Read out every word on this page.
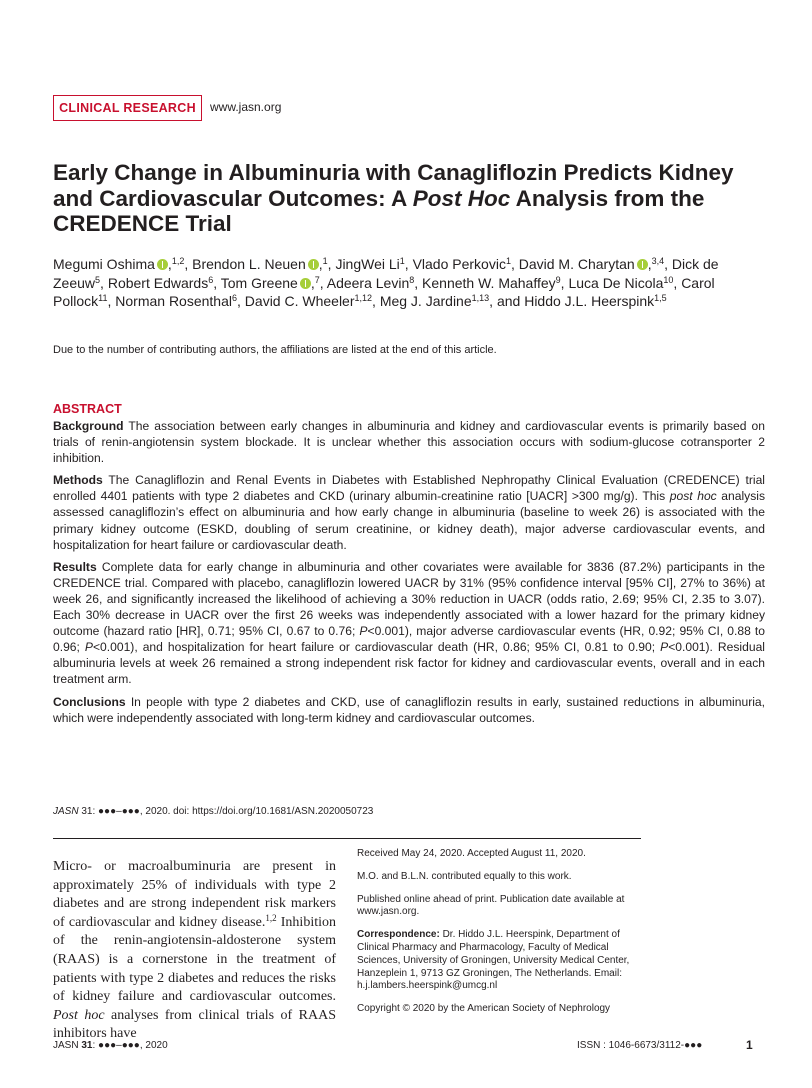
CLINICAL RESEARCH	www.jasn.org
Early Change in Albuminuria with Canagliflozin Predicts Kidney and Cardiovascular Outcomes: A Post Hoc Analysis from the CREDENCE Trial
Megumi Oshima ,$^{1,2}$, Brendon L. Neuen ,$^1$, JingWei Li$^1$, Vlado Perkovic$^1$, David M. Charytan ,$^{3,4}$, Dick de Zeeuw$^5$, Robert Edwards$^6$, Tom Greene ,$^7$, Adeera Levin$^8$, Kenneth W. Mahaffey$^9$, Luca De Nicola$^{10}$, Carol Pollock$^{11}$, Norman Rosenthal$^6$, David C. Wheeler$^{1,12}$, Meg J. Jardine$^{1,13}$, and Hiddo J.L. Heerspink$^{1,5}$
Due to the number of contributing authors, the affiliations are listed at the end of this article.
ABSTRACT

Background The association between early changes in albuminuria and kidney and cardiovascular events is primarily based on trials of renin-angiotensin system blockade. It is unclear whether this association occurs with sodium-glucose cotransporter 2 inhibition.

Methods The Canagliflozin and Renal Events in Diabetes with Established Nephropathy Clinical Evaluation (CREDENCE) trial enrolled 4401 patients with type 2 diabetes and CKD (urinary albumin-creatinine ratio [UACR] >300 mg/g). This post hoc analysis assessed canagliflozin’s effect on albuminuria and how early change in albuminuria (baseline to week 26) is associated with the primary kidney outcome (ESKD, doubling of serum creatinine, or kidney death), major adverse cardiovascular events, and hospitalization for heart failure or cardiovascular death.

Results Complete data for early change in albuminuria and other covariates were available for 3836 (87.2%) participants in the CREDENCE trial. Compared with placebo, canagliflozin lowered UACR by 31% (95% confidence interval [95% CI], 27% to 36%) at week 26, and significantly increased the likelihood of achieving a 30% reduction in UACR (odds ratio, 2.69; 95% CI, 2.35 to 3.07). Each 30% decrease in UACR over the first 26 weeks was independently associated with a lower hazard for the primary kidney outcome (hazard ratio [HR], 0.71; 95% CI, 0.67 to 0.76; P<0.001), major adverse cardiovascular events (HR, 0.92; 95% CI, 0.88 to 0.96; P<0.001), and hospitalization for heart failure or cardiovascular death (HR, 0.86; 95% CI, 0.81 to 0.90; P<0.001). Residual albuminuria levels at week 26 remained a strong independent risk factor for kidney and cardiovascular events, overall and in each treatment arm.

Conclusions In people with type 2 diabetes and CKD, use of canagliflozin results in early, sustained reductions in albuminuria, which were independently associated with long-term kidney and cardiovascular outcomes.

JASN 31: ●●●–●●●, 2020. doi: https://doi.org/10.1681/ASN.2020050723
Micro- or macroalbuminuria are present in approximately 25% of individuals with type 2 diabetes and are strong independent risk markers of cardiovascular and kidney disease.$^{1,2}$ Inhibition of the renin-angiotensin-aldosterone system (RAAS) is a cornerstone in the treatment of patients with type 2 diabetes and reduces the risks of kidney failure and cardiovascular outcomes. Post hoc analyses from clinical trials of RAAS inhibitors have

Received May 24, 2020. Accepted August 11, 2020.

M.O. and B.L.N. contributed equally to this work.

Published online ahead of print. Publication date available at www.jasn.org.

Correspondence: Dr. Hiddo J.L. Heerspink, Department of Clinical Pharmacy and Pharmacology, Faculty of Medical Sciences, University of Groningen, University Medical Center, Hanzeplein 1, 9713 GZ Groningen, The Netherlands. Email: h.j.lambers.heerspink@umcg.nl

Copyright © 2020 by the American Society of Nephrology

JASN 31: ●●●–●●●, 2020	ISSN : 1046-6673/3112-●●●	1
